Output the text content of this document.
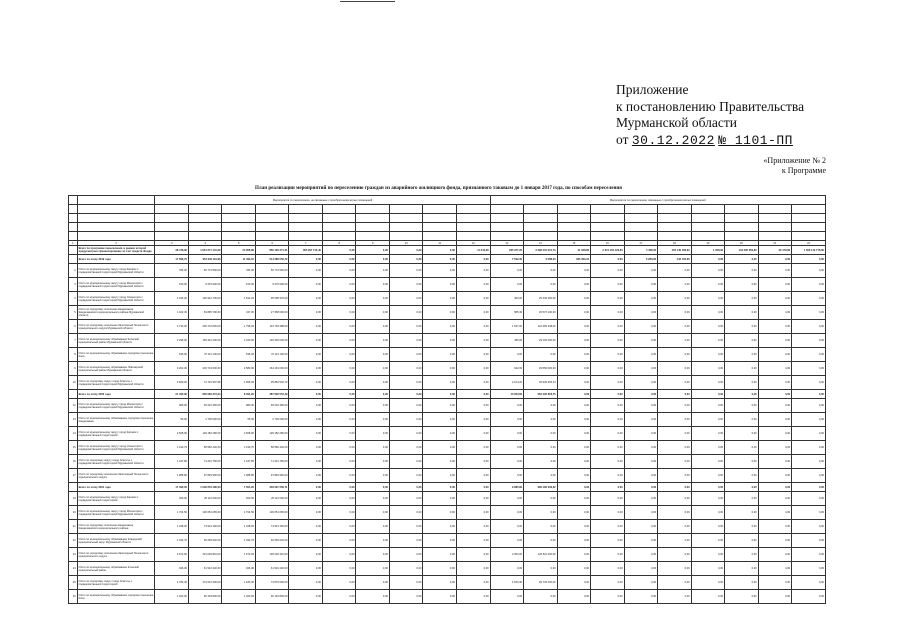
Приложение
к постановлению Правительства
Мурманской области
от 30.12.2022 № 1101-ПП
«Приложение № 2
к Программе
План реализации мероприятий по переселению граждан из аварийного жилищного фонда, признанного таковым до 1 января 2017 года, по способам переселения
		Мероприятия по переселению, не связанные с приобретением жилых помещений										Мероприятия по переселению, связанные с приобретением жилых помещений									

1	2	3	4	5	6	7	8	9	10	11	12	13	14	15	16	17	18	19	20	21	22
	Всего по программе переселения, в рамках которой предусмотрено финансирование за счет средств Фонда	38 478,00	1 654 271 131,09	24 958,80	856 195 271,21	305 297 713,40	0,00	0,00	0,00	0,00	11 243,38	265 977,20	3 098 401 001,70	21 028,80	2 373 153 129,60	4 468,30	478 149 189,60	1 058,00	143 295 550,80	33 479,80	1 590 143 776,60
	Всего по этапу 2019 года	17 596,70	954 232 119,96	11 490,10	514 289 556,72	0,00	0,00	0,00	0,00	0,00	0,00	7 592,30	3 088,20	305 209,10	0,00	5 280,80	143 150,00	0,00	0,00	0,00	0,00
2	Итого по муниципальному округу город Кировск с подведомственной территорией Мурманской области	784,00	50 774 560,00	784,00	50 774 560,00	0,00	0,00	0,00	0,00	0,00	0,00	0,00	0,00	0,00	0,00	0,00	0,00	0,00	0,00	0,00	0,00
3	Итого по муниципальному округу город Мончегорск с подведомственной территорией Мурманской области	150,00	9 379 900,00	150,00	9 379 900,00	0,00	0,00	0,00	0,00	0,00	0,00	0,00	0,00	0,00	0,00	0,00	0,00	0,00	0,00	0,00	0,00
4	Итого по муниципальному округу город Оленегорск с подведомственной территорией Мурманской области	1 915,20	120 944 736,00	1 512,20	95 508 376,00	0,00	0,00	0,00	0,00	0,00	0,00	403,00	25 436 360,00	0,00	0,00	0,00	0,00	0,00	0,00	0,00	0,00
5	Итого по городскому поселению Кандалакша Кандалакшского муниципального района Мурманской области	1 022,30	63 895 790,00	437,00	27 358 600,00	0,00	0,00	0,00	0,00	0,00	0,00	585,30	36 537 190,00	0,00	0,00	0,00	0,00	0,00	0,00	0,00	0,00
6	Итого по городскому поселению Заполярный Печенгского муниципального округа Мурманской области	3 733,00	236 176 836,00	1 796,00	113 793 488,00	0,00	0,00	0,00	0,00	0,00	0,00	1 937,00	122 383 348,00	0,00	0,00	0,00	0,00	0,00	0,00	0,00	0,00
7	Итого по муниципальному образованию Кольский муниципальный район Мурманской области	2 495,00	159 442 200,00	2 040,00	130 336 000,00	0,00	0,00	0,00	0,00	0,00	0,00	455,00	29 106 200,00	0,00	0,00	0,00	0,00	0,00	0,00	0,00	0,00
8	Итого по муниципальному образованию городское поселение Кола	635,00	37 113 100,00	635,00	37 113 100,00	0,00	0,00	0,00	0,00	0,00	0,00	0,00	0,00	0,00	0,00	0,00	0,00	0,00	0,00	0,00	0,00
9	Итого по муниципальному образованию Ловозерский муниципальный район Мурманской области	3 202,00	203 713 000,00	2 580,00	164 163 000,00	0,00	0,00	0,00	0,00	0,00	0,00	622,00	39 550 000,00	0,00	0,00	0,00	0,00	0,00	0,00	0,00	0,00
10	Итого по городскому округу город Апатиты с подведомственной территорией Мурманской области	3 660,20	72 791 997,96	1 556,00	35 862 532,72	0,00	0,00	0,00	0,00	0,00	0,00	2 104,20	36 929 465,24	0,00	0,00	0,00	0,00	0,00	0,00	0,00	0,00
	Всего по этапу 2020 года	21 495,00	950 083 373,24	8 491,20	387 590 554,49	0,00	0,00	0,00	0,00	0,00	0,00	13 003,80	562 492 818,75	0,00	0,00	0,00	0,00	0,00	0,00	0,00	0,00
12	Итого по муниципальному округу город Мончегорск с подведомственной территорией Мурманской области	980,00	48 216 350,00	980,00	48 216 350,00	0,00	0,00	0,00	0,00	0,00	0,00	0,00	0,00	0,00	0,00	0,00	0,00	0,00	0,00	0,00	0,00
13	Итого по муниципальному образованию городское поселение Кандалакша	55,00	2 706 000,00	55,00	2 706 000,00	0,00	0,00	0,00	0,00	0,00	0,00	0,00	0,00	0,00	0,00	0,00	0,00	0,00	0,00	0,00	0,00
14	Итого по муниципальному округу город Кировск с подведомственной территорией	2 828,90	139 182 280,00	2 828,90	139 182 280,00	0,00	0,00	0,00	0,00	0,00	0,00	0,00	0,00	0,00	0,00	0,00	0,00	0,00	0,00	0,00	0,00
15	Итого по муниципальному округу город Оленегорск с подведомственной территорией Мурманской области	1 190,70	58 582 440,00	1 190,70	58 582 440,00	0,00	0,00	0,00	0,00	0,00	0,00	0,00	0,00	0,00	0,00	0,00	0,00	0,00	0,00	0,00	0,00
16	Итого по городскому округу город Апатиты с подведомственной территорией Мурманской области	1 447,80	71 231 760,00	1 447,80	71 231 760,00	0,00	0,00	0,00	0,00	0,00	0,00	0,00	0,00	0,00	0,00	0,00	0,00	0,00	0,00	0,00	0,00
17	Итого по городскому поселению Заполярный Печенгского муниципального округа	1 988,80	97 849 960,00	1 988,80	97 849 960,00	0,00	0,00	0,00	0,00	0,00	0,00	0,00	0,00	0,00	0,00	0,00	0,00	0,00	0,00	0,00	0,00
	Всего по этапу 2021 года	17 490,00	1 048 279 496,03	7 504,20	349 097 259,71	0,00	0,00	0,00	0,00	0,00	0,00	9 985,80	699 182 236,32	0,00	0,00	0,00	0,00	0,00	0,00	0,00	0,00
19	Итого по муниципальному округу город Кировск с подведомственной территорией	400,00	26 112 000,00	400,00	26 112 000,00	0,00	0,00	0,00	0,00	0,00	0,00	0,00	0,00	0,00	0,00	0,00	0,00	0,00	0,00	0,00	0,00
20	Итого по муниципальному округу город Мончегорск с подведомственной территорией Мурманской области	1 704,50	106 651 065,00	1 704,50	106 651 065,00	0,00	0,00	0,00	0,00	0,00	0,00	0,00	0,00	0,00	0,00	0,00	0,00	0,00	0,00	0,00	0,00
21	Итого по городскому поселению Кандалакша Кандалакшского муниципального района	1 348,00	74 913 160,00	1 348,00	74 913 160,00	0,00	0,00	0,00	0,00	0,00	0,00	0,00	0,00	0,00	0,00	0,00	0,00	0,00	0,00	0,00	0,00
22	Итого по муниципальному образованию Ковдорский муниципальный округ Мурманской области	1 032,70	66 259 632,00	1 032,70	66 259 632,00	0,00	0,00	0,00	0,00	0,00	0,00	0,00	0,00	0,00	0,00	0,00	0,00	0,00	0,00	0,00	0,00
23	Итого по городскому поселению Заполярный Печенгского муниципального округа	3 672,60	231 029 816,00	1 672,60	105 218 416,00	0,00	0,00	0,00	0,00	0,00	0,00	2 000,00	125 811 400,00	0,00	0,00	0,00	0,00	0,00	0,00	0,00	0,00
24	Итого по муниципальному образованию Кольский муниципальный район	946,00	61 522 440,00	946,00	61 522 440,00	0,00	0,00	0,00	0,00	0,00	0,00	0,00	0,00	0,00	0,00	0,00	0,00	0,00	0,00	0,00	0,00
25	Итого по городскому округу город Апатиты с подведомственной территорией	2 783,40	173 612 900,00	1 183,00	73 879 500,00	0,00	0,00	0,00	0,00	0,00	0,00	1 600,40	99 733 400,00	0,00	0,00	0,00	0,00	0,00	0,00	0,00	0,00
26	Итого по муниципальному образованию городское поселение Кола	1 023,00	66 163 800,00	1 023,00	66 163 800,00	0,00	0,00	0,00	0,00	0,00	0,00	0,00	0,00	0,00	0,00	0,00	0,00	0,00	0,00	0,00	0,00
